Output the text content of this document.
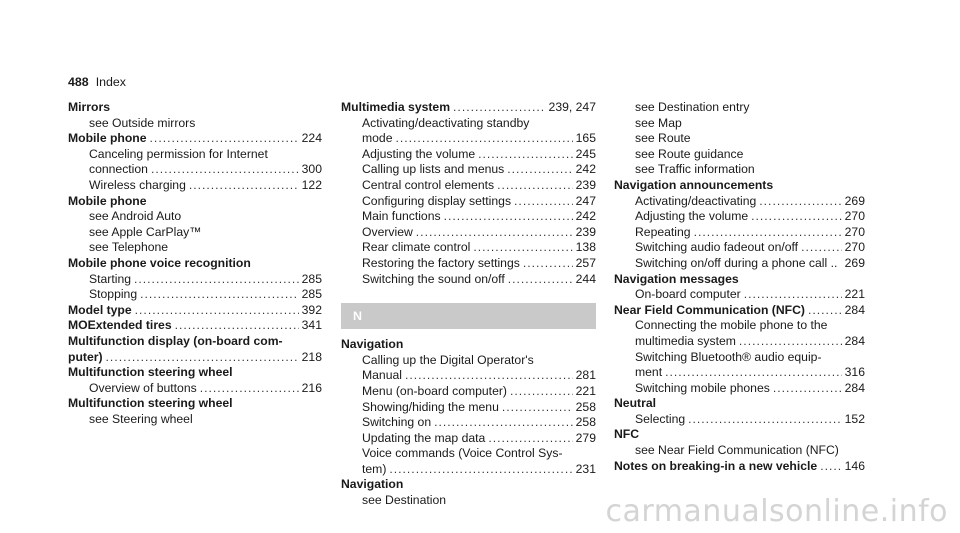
488 Index
Mirrors
see Outside mirrors
Mobile phone .....	224
Canceling permission for Internet
connection .....	300
Wireless charging .....	122
Mobile phone
see Android Auto
see Apple CarPlay™
see Telephone
Mobile phone voice recognition
Starting .....	285
Stopping .....	285
Model type .....	392
MOExtended tires .....	341
Multifunction display (on-board com-
puter) .....	218
Multifunction steering wheel
Overview of buttons .....	216
Multifunction steering wheel
see Steering wheel
Multimedia system .....	239, 247
Activating/deactivating standby
mode .....	165
Adjusting the volume .....	245
Calling up lists and menus .....	242
Central control elements .....	239
Configuring display settings .....	247
Main functions .....	242
Overview .....	239
Rear climate control .....	138
Restoring the factory settings .....	257
Switching the sound on/off .....	244
N
Navigation
Calling up the Digital Operator's
Manual .....	281
Menu (on-board computer) .....	221
Showing/hiding the menu .....	258
Switching on .....	258
Updating the map data .....	279
Voice commands (Voice Control Sys-
tem) .....	231
Navigation
see Destination
see Destination entry
see Map
see Route
see Route guidance
see Traffic information
Navigation announcements
Activating/deactivating .....	269
Adjusting the volume .....	270
Repeating .....	270
Switching audio fadeout on/off .....	270
Switching on/off during a phone call .. 269
Navigation messages
On-board computer .....	221
Near Field Communication (NFC) .....	284
Connecting the mobile phone to the
multimedia system .....	284
Switching Bluetooth® audio equip-
ment .....	316
Switching mobile phones .....	284
Neutral
Selecting .....	152
NFC
see Near Field Communication (NFC)
Notes on breaking-in a new vehicle ..... 146
carmanualsonline.info
